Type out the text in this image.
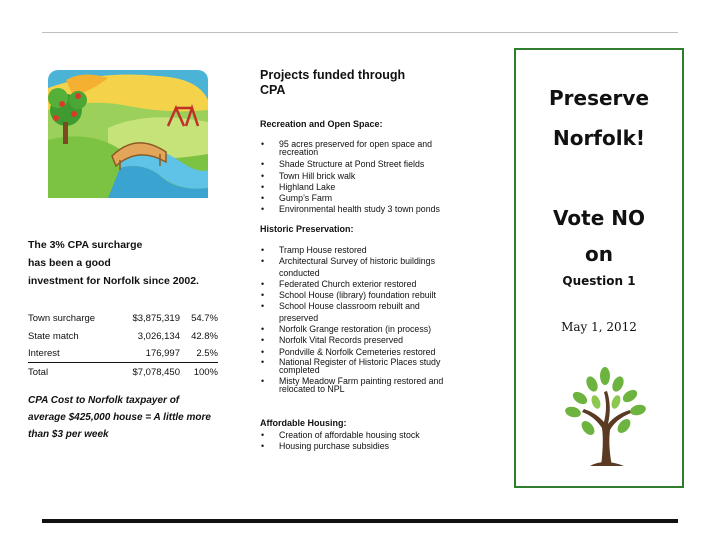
The 3% CPA surcharge
has been a good
investment for Norfolk since 2002.
Town surcharge	$3,875,319	54.7%
State match	3,026,134	42.8%
Interest	176,997	2.5%
Total	$7,078,450	100%
CPA Cost to Norfolk taxpayer of
average $425,000 house = A little more
than $3 per week
Projects funded through
CPA
Recreation and Open Space:
• 95 acres preserved for open space and recreation
• Shade Structure at Pond Street fields
• Town Hill brick walk
• Highland Lake
• Gump’s Farm
• Environmental health study 3 town ponds
Historic Preservation:
• Tramp House restored
• Architectural Survey of historic buildings conducted
• Federated Church exterior restored
• School House (library) foundation rebuilt
• School House classroom rebuilt and preserved
• Norfolk Grange restoration (in process)
• Norfolk Vital Records preserved
• Pondville & Norfolk Cemeteries restored
• National Register of Historic Places study completed
• Misty Meadow Farm painting restored and relocated to NPL
Affordable Housing:
• Creation of affordable housing stock
• Housing purchase subsidies
Preserve
Norfolk!
Vote NO
on
Question 1
May 1, 2012
